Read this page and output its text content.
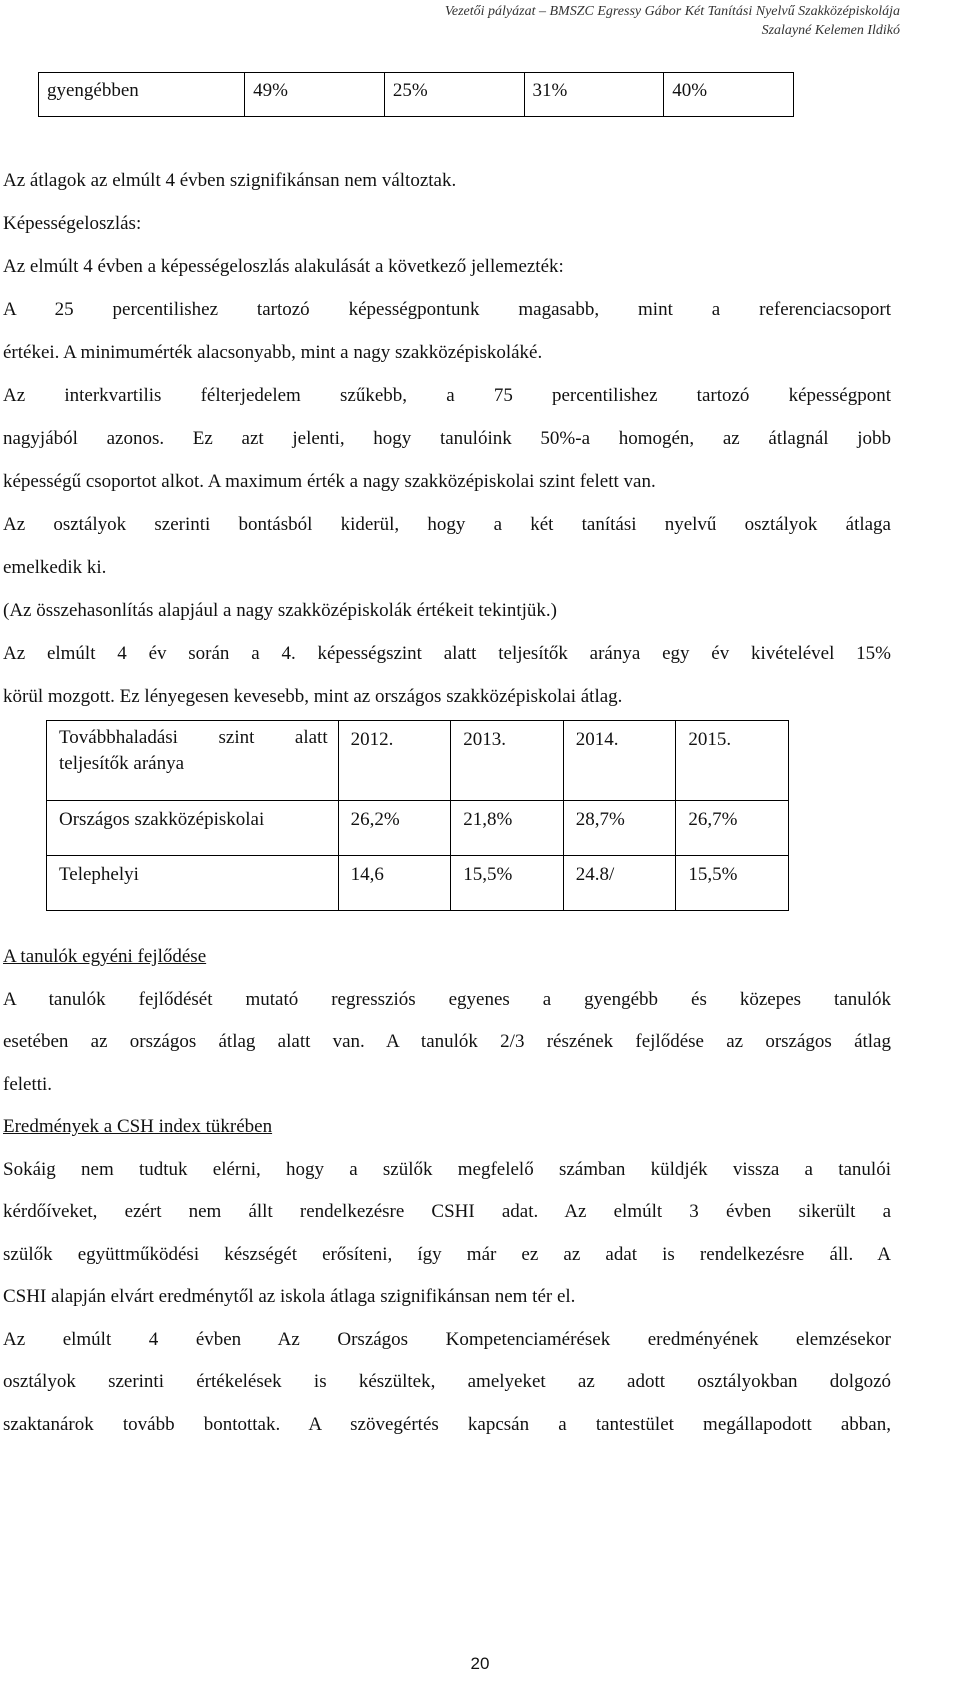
Vezetői pályázat – BMSZC Egressy Gábor Két Tanítási Nyelvű Szakközépiskolája
Szalayné Kelemen Ildikó
gyengébben	49%	25%	31%	40%

Az átlagok az elmúlt 4 évben szignifikánsan nem változtak.

Képességeloszlás:

Az elmúlt 4 évben a képességeloszlás alakulását a következő jellemezték:

A 25 percentilishez tartozó képességpontunk magasabb, mint a referenciacsoport

értékei. A minimumérték alacsonyabb, mint a nagy szakközépiskoláké.

Az interkvartilis félterjedelem szűkebb, a 75 percentilishez tartozó képességpont

nagyjából azonos. Ez azt jelenti, hogy tanulóink 50%-a homogén, az átlagnál jobb

képességű csoportot alkot. A maximum érték a nagy szakközépiskolai szint felett van.

Az osztályok szerinti bontásból kiderül, hogy a két tanítási nyelvű osztályok átlaga

emelkedik ki.

(Az összehasonlítás alapjául a nagy szakközépiskolák értékeit tekintjük.)

Az elmúlt 4 év során a 4. képességszint alatt teljesítők aránya egy év kivételével 15%

körül mozgott. Ez lényegesen kevesebb, mint az országos szakközépiskolai átlag.

Továbbhaladási szint alatt
teljesítők aránya	2012.	2013.	2014.	2015.
Országos szakközépiskolai	26,2%	21,8%	28,7%	26,7%
Telephelyi	14,6	15,5%	24.8/	15,5%

A tanulók egyéni fejlődése

A tanulók fejlődését mutató regressziós egyenes a gyengébb és közepes tanulók

esetében az országos átlag alatt van. A tanulók 2/3 részének fejlődése az országos átlag

feletti.

Eredmények a CSH index tükrében

Sokáig nem tudtuk elérni, hogy a szülők megfelelő számban küldjék vissza a tanulói

kérdőíveket, ezért nem állt rendelkezésre CSHI adat. Az elmúlt 3 évben sikerült a

szülők együttműködési készségét erősíteni, így már ez az adat is rendelkezésre áll. A

CSHI alapján elvárt eredménytől az iskola átlaga szignifikánsan nem tér el.

Az elmúlt 4 évben Az Országos Kompetenciamérések eredményének elemzésekor

osztályok szerinti értékelések is készültek, amelyeket az adott osztályokban dolgozó

szaktanárok tovább bontottak. A szövegértés kapcsán a tantestület megállapodott abban,

20
